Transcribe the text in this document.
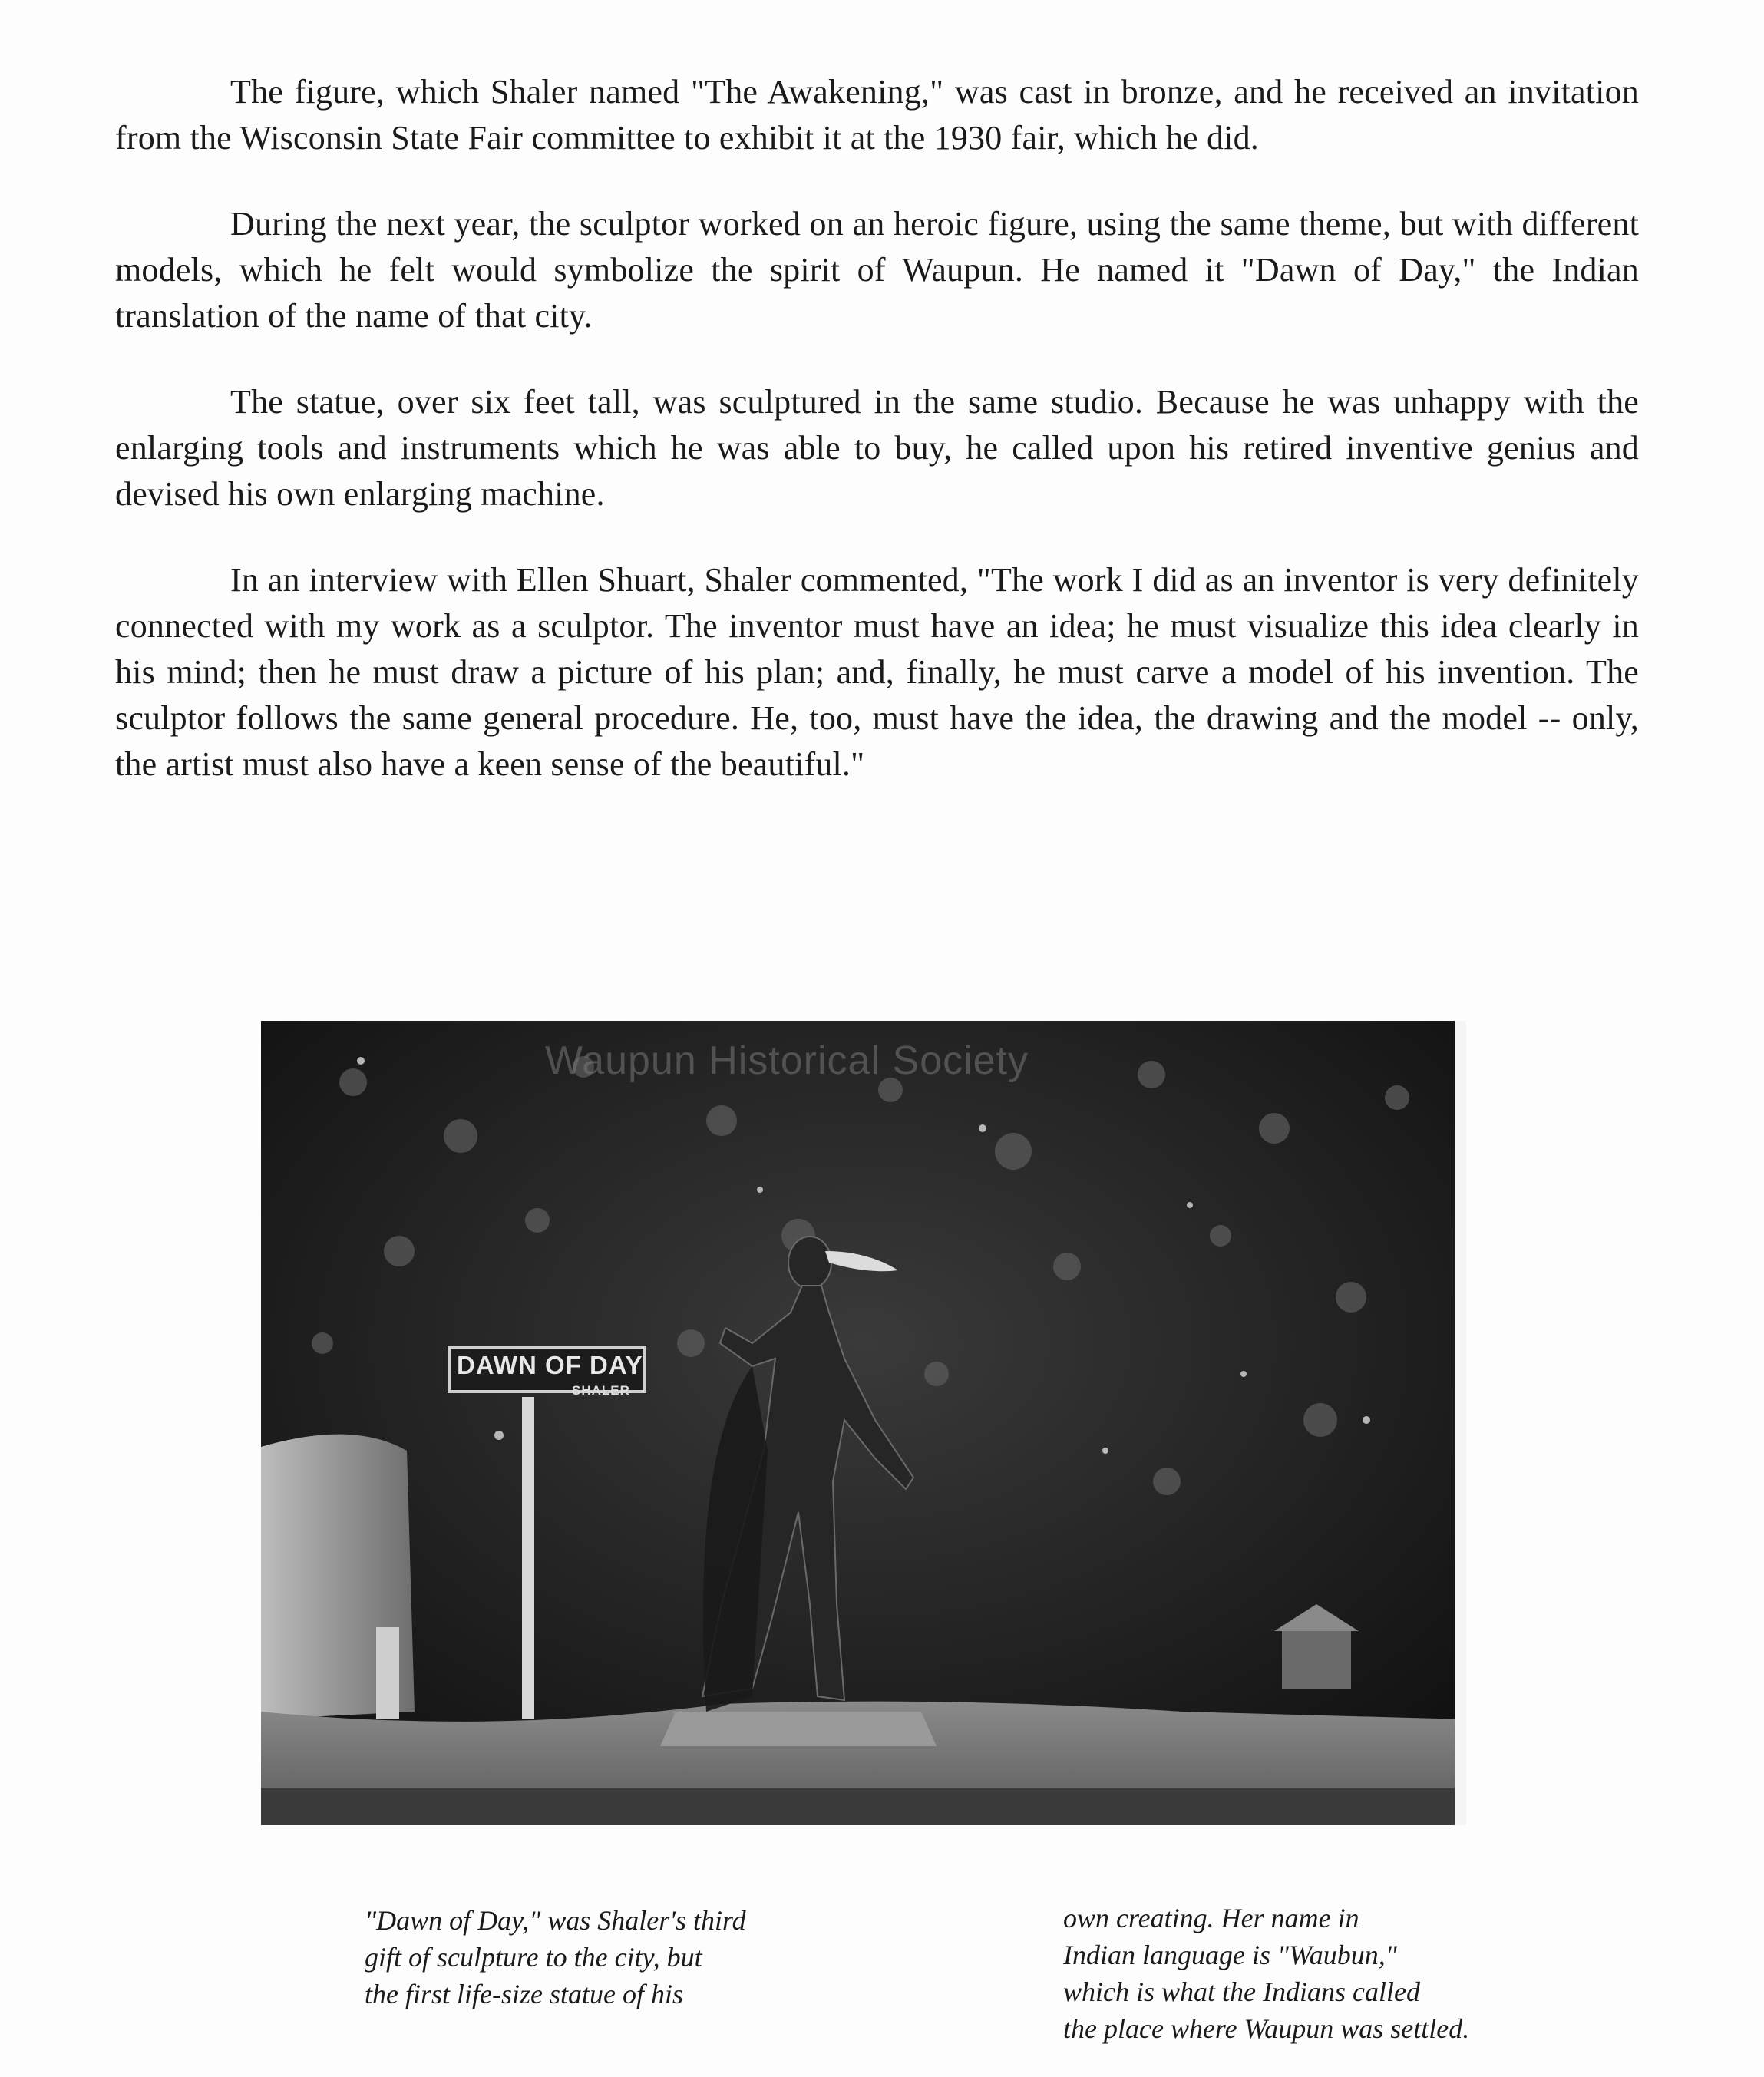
The figure, which Shaler named "The Awakening," was cast in bronze, and he received an invitation from the Wisconsin State Fair committee to exhibit it at the 1930 fair, which he did.

During the next year, the sculptor worked on an heroic figure, using the same theme, but with different models, which he felt would symbolize the spirit of Waupun. He named it "Dawn of Day," the Indian translation of the name of that city.

The statue, over six feet tall, was sculptured in the same studio. Because he was unhappy with the enlarging tools and instruments which he was able to buy, he called upon his retired inventive genius and devised his own enlarging machine.

In an interview with Ellen Shuart, Shaler commented, "The work I did as an inventor is very definitely connected with my work as a sculptor. The inventor must have an idea; he must visualize this idea clearly in his mind; then he must draw a picture of his plan; and, finally, he must carve a model of his invention. The sculptor follows the same general procedure. He, too, must have the idea, the drawing and the model -- only, the artist must also have a keen sense of the beautiful."

Waupun Historical Society
DAWN OF DAY
SHALER
"Dawn of Day," was Shaler's third
gift of sculpture to the city, but
the first life-size statue of his
own creating. Her name in
Indian language is "Waubun,"
which is what the Indians called
the place where Waupun was settled.
